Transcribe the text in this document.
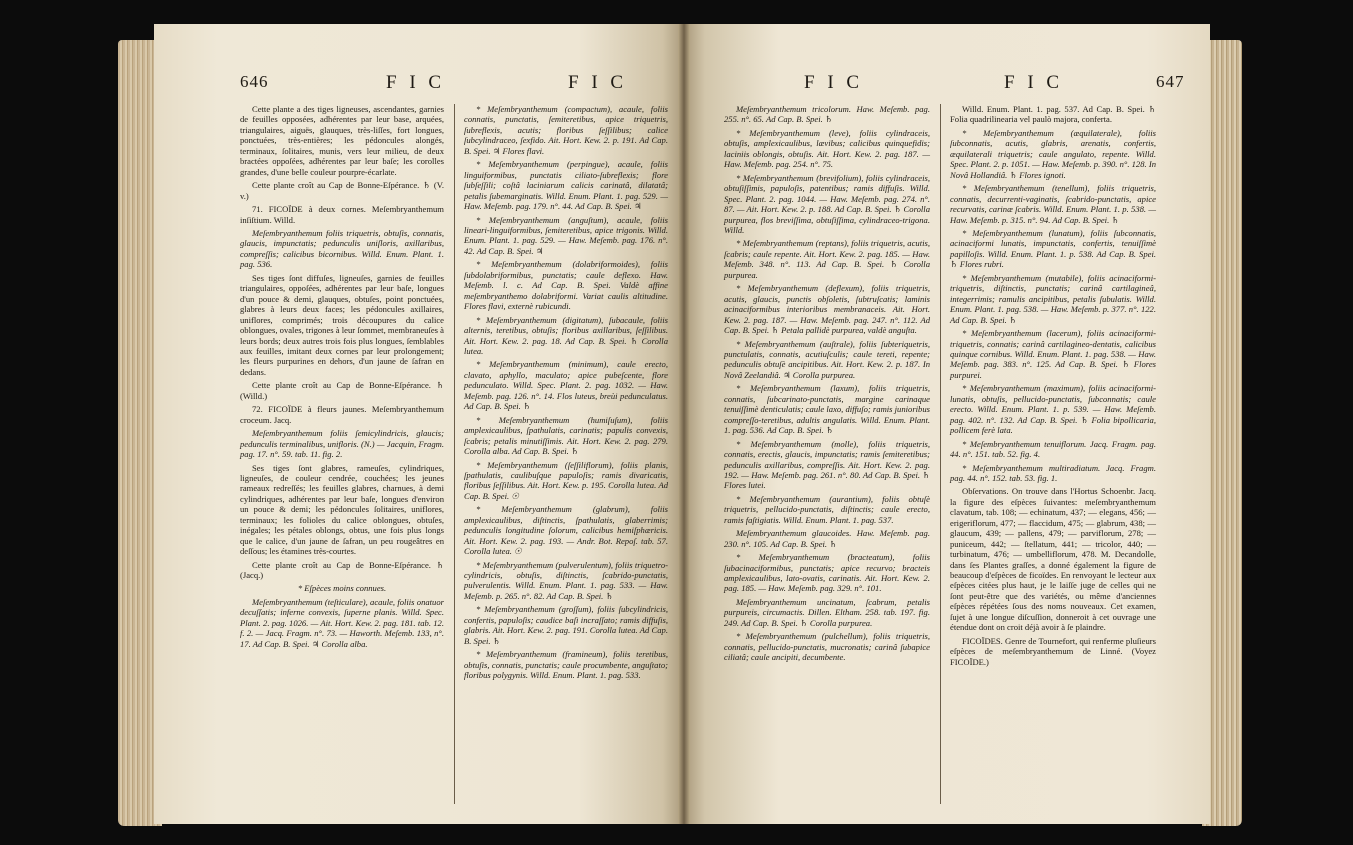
646	F I C	F I C

Cette plante a des tiges ligneuses, ascendantes, garnies de feuilles opposées, adhérentes par leur base, arquées, triangulaires, aiguës, glauques, très-liſſes, fort longues, ponctuées, très-entières; les pédoncules alongés, terminaux, ſolitaires, munis, vers leur milieu, de deux bractées oppoſées, adhérentes par leur baſe; les corolles grandes, d'une belle couleur pourpre-écarlate.

Cette plante croît au Cap de Bonne-Eſpérance. ♄ (V. v.)

71. FICOÏDE à deux cornes. Meſembryanthemum inſiſtium. Willd.

Meſembryanthemum foliis triquetris, obtuſis, connatis, glaucis, impunctatis; pedunculis uniſloris, axillaribus, compreſſis; calicibus bicornibus. Willd. Enum. Plant. 1. pag. 536.

Ses tiges ſont diffuſes, ligneuſes, garnies de feuilles triangulaires, oppoſées, adhérentes par leur baſe, longues d'un pouce & demi, glauques, obtuſes, point ponctuées, glabres à leurs deux faces; les pédoncules axillaires, uniflores, comprimés; trois découpures du calice oblongues, ovales, trigones à leur ſommet, membraneuſes à leurs bords; deux autres trois fois plus longues, ſemblables aux feuilles, imitant deux cornes par leur prolongement; les fleurs purpurines en dehors, d'un jaune de ſafran en dedans.

Cette plante croît au Cap de Bonne-Eſpérance. ♄ (Willd.)

72. FICOÏDE à fleurs jaunes. Meſembryanthemum croceum. Jacq.

Meſembryanthemum foliis ſemicylindricis, glaucis; pedunculis terminalibus, unifloris. (N.) — Jacquin, Fragm. pag. 17. n°. 59. tab. 11. fig. 2.

Ses tiges ſont glabres, rameuſes, cylindriques, ligneuſes, de couleur cendrée, couchées; les jeunes rameaux redreſſés; les feuilles glabres, charnues, à demi cylindriques, adhérentes par leur baſe, longues d'environ un pouce & demi; les pédoncules ſolitaires, uniflores, terminaux; les folioles du calice oblongues, obtuſes, inégales; les pétales oblongs, obtus, une fois plus longs que le calice, d'un jaune de ſafran, un peu rougeâtres en deſſous; les étamines très-courtes.

Cette plante croît au Cap de Bonne-Eſpérance. ♄ (Jacq.)

* Eſpèces moins connues.

Meſembryanthemum (teſticulare), acaule, foliis onatuor decuſſatis; inferne convexis, ſuperne planis. Willd. Spec. Plant. 2. pag. 1026. — Ait. Hort. Kew. 2. pag. 181. tab. 12. f. 2. — Jacq. Fragm. n°. 73. — Haworth. Meſemb. 133, n°. 17. Ad Cap. B. Spei. ♃ Corolla alba.

* Meſembryanthemum (compactum), acaule, foliis connatis, punctatis, ſemiteretibus, apice triquetris, ſubreflexis, acutis; floribus ſeſſilibus; calice ſubcylindraceo, ſexfido. Ait. Hort. Kew. 2. p. 191. Ad Cap. B. Spei. ♃ Flores flavi.

* Meſembryanthemum (perpingue), acaule, foliis linguiformibus, punctatis ciliato-ſubreflexis; flore ſubſeſſili; coſtâ laciniarum calicis carinatâ, dilatatâ; petalis ſubemarginatis. Willd. Enum. Plant. 1. pag. 529. — Haw. Meſemb. pag. 179. n°. 44. Ad Cap. B. Spei. ♃

* Meſembryanthemum (anguſtum), acaule, foliis lineari-linguiformibus, ſemiteretibus, apice trigonis. Willd. Enum. Plant. 1. pag. 529. — Haw. Meſemb. pag. 176. n°. 42. Ad Cap. B. Spei. ♃

* Meſembryanthemum (dolabriformoides), foliis ſubdolabriformibus, punctatis; caule deflexo. Haw. Meſemb. l. c. Ad Cap. B. Spei. Valdè affine meſembryanthemo dolabriformi. Variat caulis altitudine. Flores flavi, externè rubicundi.

* Meſembryanthemum (digitatum), ſubacaule, foliis alternis, teretibus, obtuſis; floribus axillaribus, ſeſſilibus. Ait. Hort. Kew. 2. pag. 18. Ad Cap. B. Spei. ♄ Corolla lutea.

* Meſembryanthemum (minimum), caule erecto, clavato, aphyllo, maculato; apice pubeſcente, flore pedunculato. Willd. Spec. Plant. 2. pag. 1032. — Haw. Meſemb. pag. 126. n°. 14. Flos luteus, breùi pedunculatus. Ad Cap. B. Spei. ♄

* Meſembryanthemum (humiſuſum), foliis amplexicaulibus, ſpathulatis, carinatis; papulis convexis, ſcabris; petalis minutiſſimis. Ait. Hort. Kew. 2. pag. 279. Corolla alba. Ad Cap. B. Spei. ♄

* Meſembryanthemum (ſeſſiliflorum), foliis planis, ſpathulatis, caulibuſque papuloſis; ramis divaricatis, floribus ſeſſilibus. Ait. Hort. Kew. p. 195. Corolla lutea. Ad Cap. B. Spei. ☉

* Meſembryanthemum (glabrum), foliis amplexicaulibus, diſtinctis, ſpathulatis, glaberrimis; pedunculis longitudine ſolorum, calicibus hemiſphæricis. Ait. Hort. Kew. 2. pag. 193. — Andr. Bot. Repoſ. tab. 57. Corolla lutea. ☉

* Meſembryanthemum (pulverulentum), foliis triquetro-cylindricis, obtuſis, diſtinctis, ſcabrido-punctatis, pulverulentis. Willd. Enum. Plant. 1. pag. 533. — Haw. Meſemb. p. 265. n°. 82. Ad Cap. B. Spei. ♄

* Meſembryanthemum (groſſum), foliis ſubcylindricis, confertis, papuloſis; caudice baſi incraſſato; ramis diffuſis, glabris. Ait. Hort. Kew. 2. pag. 191. Corolla lutea. Ad Cap. B. Spei. ♄

* Meſembryanthemum (framineum), foliis teretibus, obtuſis, connatis, punctatis; caule procumbente, anguſtato; floribus polygynis. Willd. Enum. Plant. 1. pag. 533.

F I C	F I C	647

Meſembryanthemum tricolorum. Haw. Meſemb. pag. 255. n°. 65. Ad Cap. B. Spei. ♄

* Meſembryanthemum (leve), foliis cylindraceis, obtuſis, amplexicaulibus, lævibus; calicibus quinquefidis; laciniis oblongis, obtuſis. Ait. Hort. Kew. 2. pag. 187. — Haw. Meſemb. pag. 254. n°. 75.

* Meſembryanthemum (brevifolium), foliis cylindraceis, obtuſiſſimis, papuloſis, patentibus; ramis diffuſis. Willd. Spec. Plant. 2. pag. 1044. — Haw. Meſemb. pag. 274. n°. 87. — Ait. Hort. Kew. 2. p. 188. Ad Cap. B. Spei. ♄ Corolla purpurea, flos breviſſima, obtuſiſſima, cylindraceo-trigona. Willd.

* Meſembryanthemum (reptans), foliis triquetris, acutis, ſcabris; caule repente. Ait. Hort. Kew. 2. pag. 185. — Haw. Meſemb. 348. n°. 113. Ad Cap. B. Spei. ♄ Corolla purpurea.

* Meſembryanthemum (deflexum), foliis triquetris, acutis, glaucis, punctis obſoletis, ſubtruſcatis; laminis acinaciformibus interioribus membranaceis. Ait. Hort. Kew. 2. pag. 187. — Haw. Meſemb. pag. 247. n°. 112. Ad Cap. B. Spei. ♄ Petala pallidè purpurea, valdè anguſta.

* Meſembryanthemum (auſtrale), foliis ſubteriquetris, punctulatis, connatis, acutiuſculis; caule tereti, repente; pedunculis obtuſè ancipitibus. Ait. Hort. Kew. 2. p. 187. In Novâ Zeelandiâ. ♃ Corolla purpurea.

* Meſembryanthemum (laxum), foliis triquetris, connatis, ſubcarinato-punctatis, margine carinaque tenuiſſimè denticulatis; caule laxo, diffuſo; ramis junioribus compreſſo-teretibus, adultis angulatis. Willd. Enum. Plant. 1. pag. 536. Ad Cap. B. Spei. ♄

* Meſembryanthemum (molle), foliis triquetris, connatis, erectis, glaucis, impunctatis; ramis ſemiteretibus; pedunculis axillaribus, compreſſis. Ait. Hort. Kew. 2. pag. 192. — Haw. Meſemb. pag. 261. n°. 80. Ad Cap. B. Spei. ♄ Flores lutei.

* Meſembryanthemum (aurantium), foliis obtuſè triquetris, pellucido-punctatis, diſtinctis; caule erecto, ramis faſtigiatis. Willd. Enum. Plant. 1. pag. 537.

Meſembryanthemum glaucoides. Haw. Meſemb. pag. 230. n°. 105. Ad Cap. B. Spei. ♄

* Meſembryanthemum (bracteatum), foliis ſubacinaciformibus, punctatis; apice recurvo; bracteis amplexicaulibus, lato-ovatis, carinatis. Ait. Hort. Kew. 2. pag. 185. — Haw. Meſemb. pag. 329. n°. 101.

Meſembryanthemum uncinatum, ſcabrum, petalis purpureis, circumactis. Dillen. Eltham. 258. tab. 197. fig. 249. Ad Cap. B. Spei. ♄ Corolla purpurea.

* Meſembryanthemum (pulchellum), foliis triquetris, connatis, pellucido-punctatis, mucronatis; carinâ ſubapice ciliatâ; caule ancipiti, decumbente.

Willd. Enum. Plant. 1. pag. 537. Ad Cap. B. Spei. ♄ Folia quadrilinearia vel paulò majora, conferta.

* Meſembryanthemum (æquilaterale), foliis ſubconnatis, acutis, glabris, arenatis, confertis, æquilaterali triquetris; caule angulato, repente. Willd. Spec. Plant. 2. p. 1051. — Haw. Meſemb. p. 390. n°. 128. In Novâ Hollandiâ. ♄ Flores ignoti.

* Meſembryanthemum (tenellum), foliis triquetris, connatis, decurrenti-vaginatis, ſcabrido-punctatis, apice recurvatis, carinæ ſcabris. Willd. Enum. Plant. 1. p. 538. — Haw. Meſemb. p. 315. n°. 94. Ad Cap. B. Spei. ♄

* Meſembryanthemum (lunatum), foliis ſubconnatis, acinaciformi lunatis, impunctatis, confertis, tenuiſſimè papilloſis. Willd. Enum. Plant. 1. p. 538. Ad Cap. B. Spei. ♄ Flores rubri.

* Meſembryanthemum (mutabile), foliis acinaciformi-triquetris, diſtinctis, punctatis; carinâ cartilagineâ, integerrimis; ramulis ancipitibus, petalis ſubulatis. Willd. Enum. Plant. 1. pag. 538. — Haw. Meſemb. p. 377. n°. 122. Ad Cap. B. Spei. ♄

* Meſembryanthemum (lacerum), foliis acinaciformi-triquetris, connatis; carinâ cartilagineo-dentatis, calicibus quinque cornibus. Willd. Enum. Plant. 1. pag. 538. — Haw. Meſemb. pag. 383. n°. 125. Ad Cap. B. Spei. ♄ Flores purpurei.

* Meſembryanthemum (maximum), foliis acinaciformi-lunatis, obtuſis, pellucido-punctatis, ſubconnatis; caule erecto. Willd. Enum. Plant. 1. p. 539. — Haw. Meſemb. pag. 402. n°. 132. Ad Cap. B. Spei. ♄ Folia bipollicaria, pollicem ferè lata.

* Meſembryanthemum tenuiflorum. Jacq. Fragm. pag. 44. n°. 151. tab. 52. fig. 4.

* Meſembryanthemum multiradiatum. Jacq. Fragm. pag. 44. n°. 152. tab. 53. fig. 1.

Obſervations. On trouve dans l'Hortus Schoenbr. Jacq. la figure des eſpèces ſuivantes: meſembryanthemum clavatum, tab. 108; — echinatum, 437; — elegans, 456; — erigeriflorum, 477; — flaccidum, 475; — glabrum, 438; — glaucum, 439; — pallens, 479; — parviflorum, 278; — puniceum, 442; — ſtellatum, 441; — tricolor, 440; — turbinatum, 476; — umbelliflorum, 478. M. Decandolle, dans ſes Plantes graſſes, a donné également la figure de beaucoup d'eſpèces de ficoïdes. En renvoyant le lecteur aux eſpèces citées plus haut, je le laiſſe juge de celles qui ne ſont peut-être que des variétés, ou même d'anciennes eſpèces répétées ſous des noms nouveaux. Cet examen, ſujet à une longue diſcuſſion, donneroit à cet ouvrage une étendue dont on croit déjà avoir à ſe plaindre.

FICOÏDES. Genre de Tournefort, qui renferme pluſieurs eſpèces de meſembryanthemum de Linné. (Voyez FICOÏDE.)
